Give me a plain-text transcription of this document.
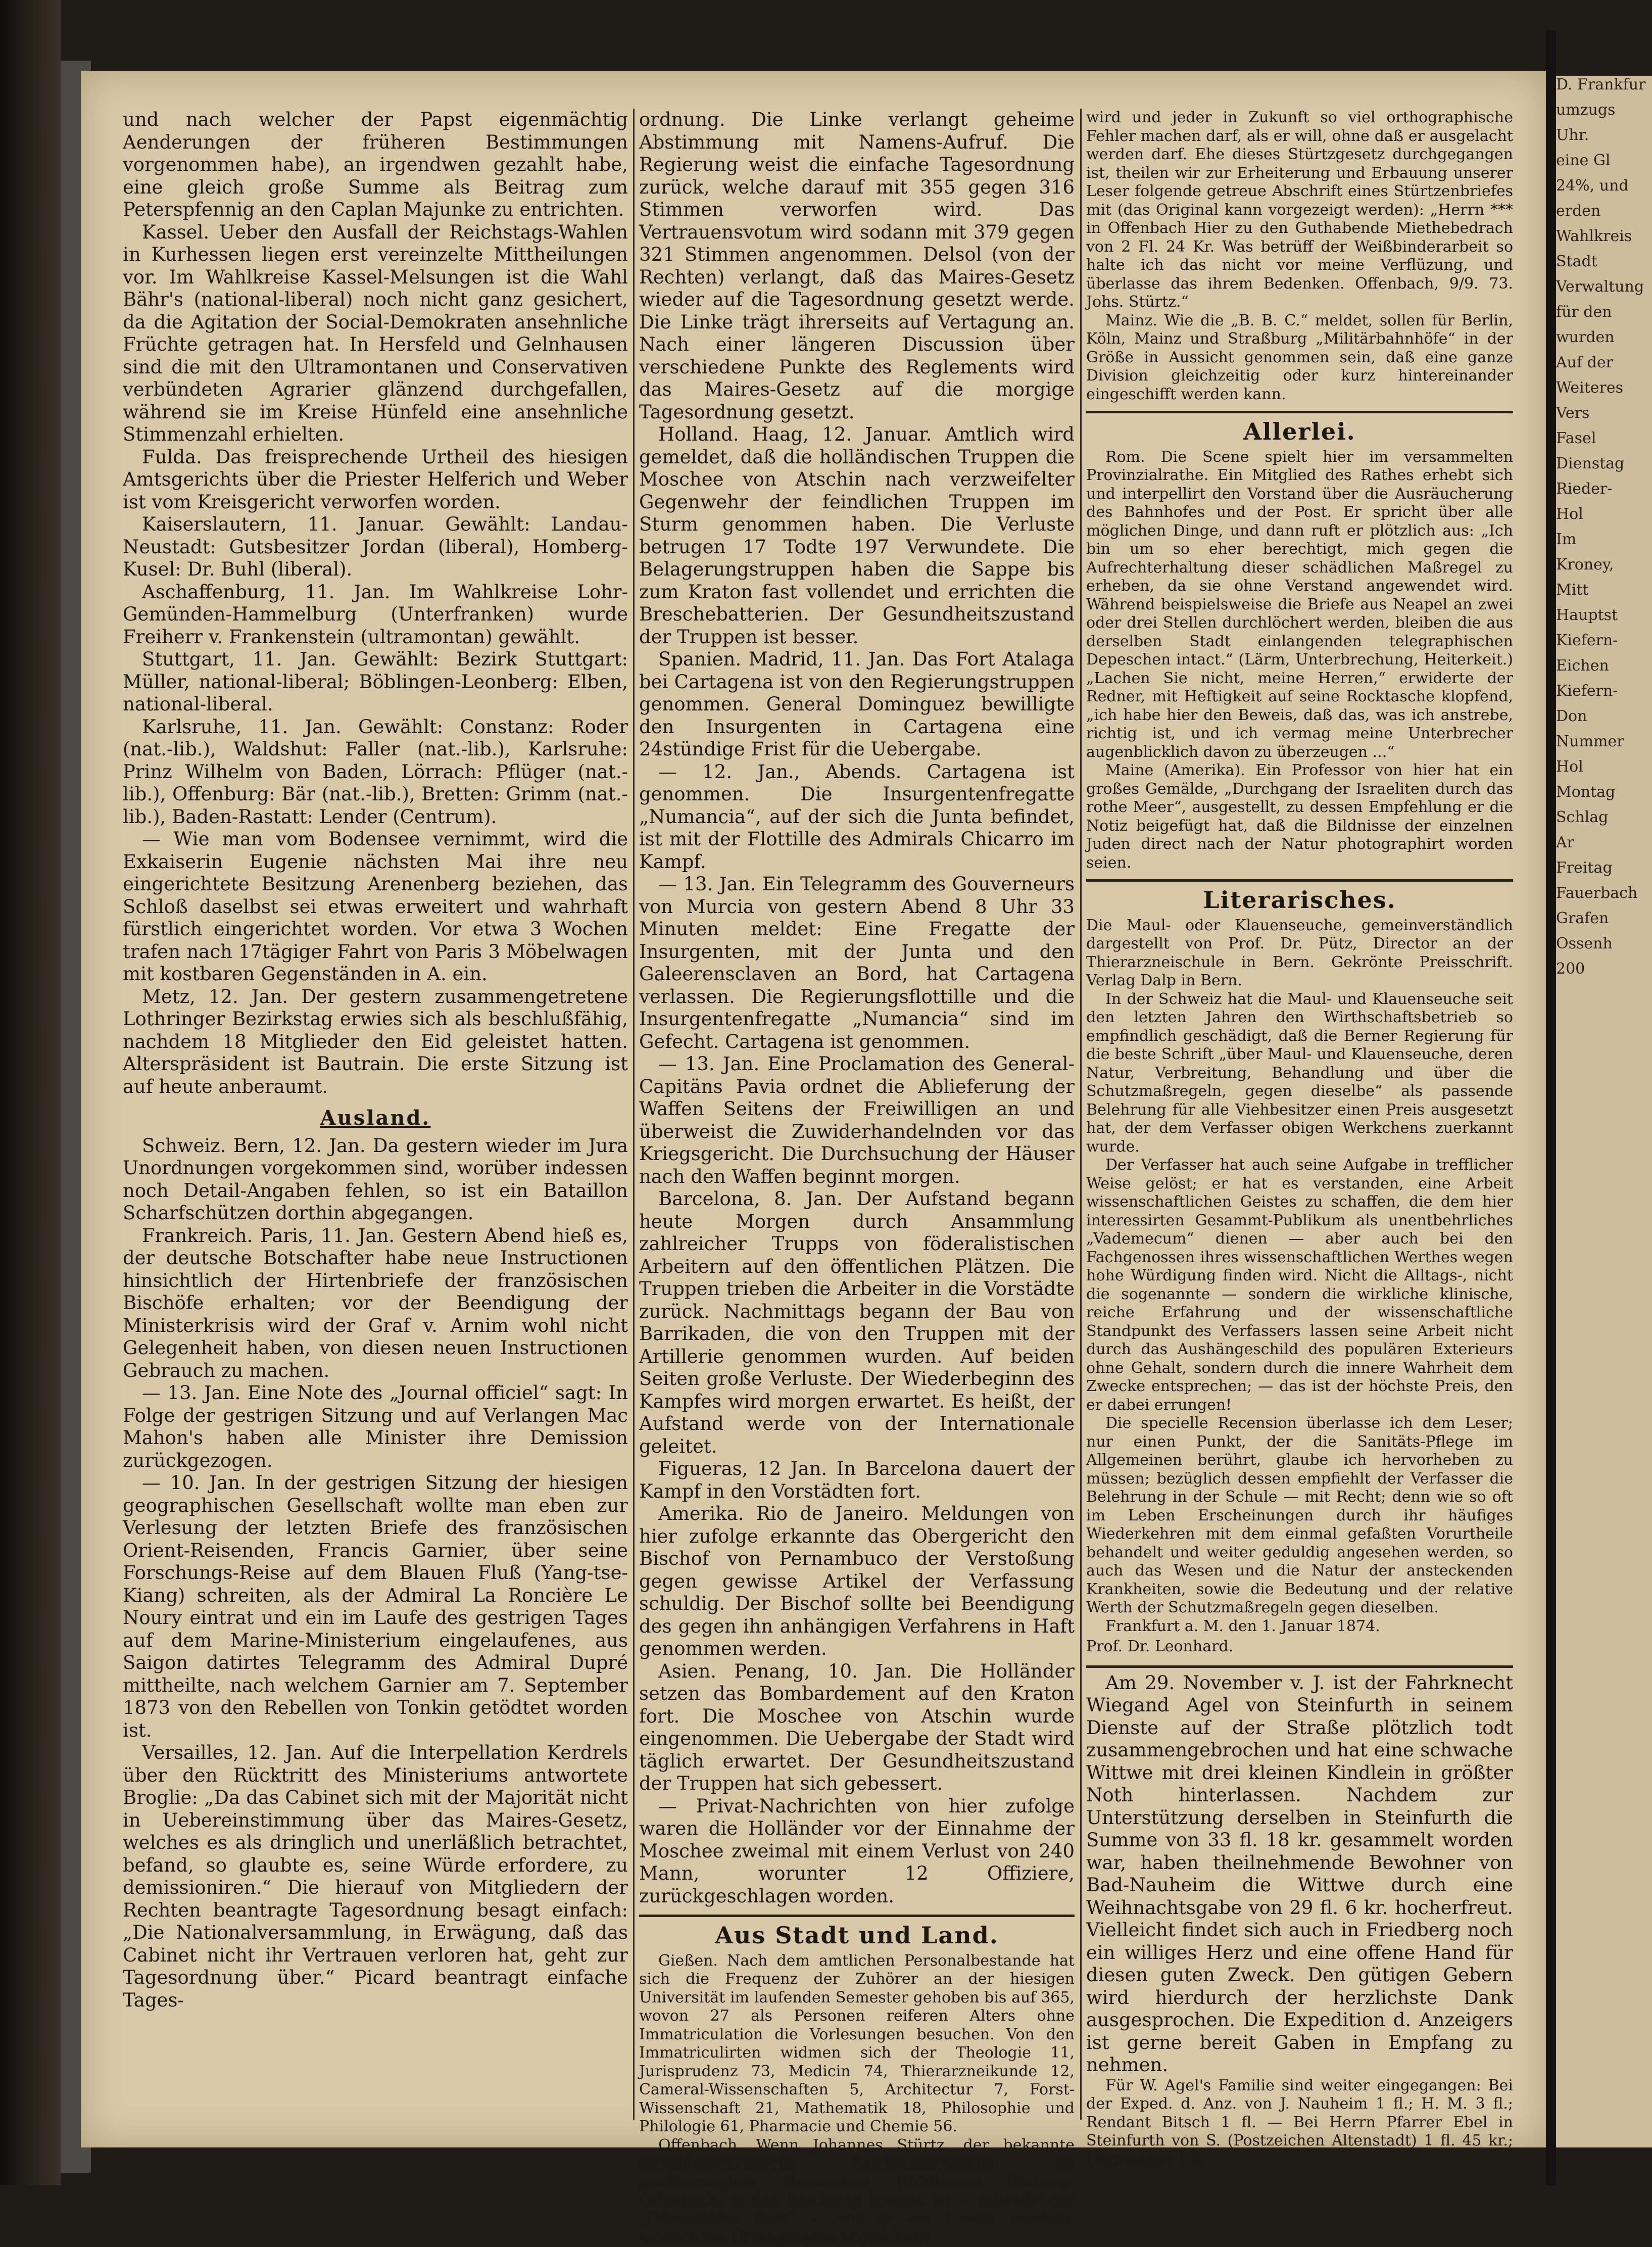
und nach welcher der Papst eigenmächtig Aenderungen der früheren Bestimmungen vorgenommen habe), an irgendwen gezahlt habe, eine gleich große Summe als Beitrag zum Peterspfennig an den Caplan Majunke zu entrichten.

Kassel. Ueber den Ausfall der Reichstags-Wahlen in Kurhessen liegen erst vereinzelte Mittheilungen vor. Im Wahlkreise Kassel-Melsungen ist die Wahl Bähr's (national-liberal) noch nicht ganz gesichert, da die Agitation der Social-Demokraten ansehnliche Früchte getragen hat. In Hersfeld und Gelnhausen sind die mit den Ultramontanen und Conservativen verbündeten Agrarier glänzend durchgefallen, während sie im Kreise Hünfeld eine ansehnliche Stimmenzahl erhielten.

Fulda. Das freisprechende Urtheil des hiesigen Amtsgerichts über die Priester Helferich und Weber ist vom Kreisgericht verworfen worden.

Kaiserslautern, 11. Januar. Gewählt: Landau-Neustadt: Gutsbesitzer Jordan (liberal), Homberg-Kusel: Dr. Buhl (liberal).

Aschaffenburg, 11. Jan. Im Wahlkreise Lohr-Gemünden-Hammelburg (Unterfranken) wurde Freiherr v. Frankenstein (ultramontan) gewählt.

Stuttgart, 11. Jan. Gewählt: Bezirk Stuttgart: Müller, national-liberal; Böblingen-Leonberg: Elben, national-liberal.

Karlsruhe, 11. Jan. Gewählt: Constanz: Roder (nat.-lib.), Waldshut: Faller (nat.-lib.), Karlsruhe: Prinz Wilhelm von Baden, Lörrach: Pflüger (nat.-lib.), Offenburg: Bär (nat.-lib.), Bretten: Grimm (nat.-lib.), Baden-Rastatt: Lender (Centrum).

— Wie man vom Bodensee vernimmt, wird die Exkaiserin Eugenie nächsten Mai ihre neu eingerichtete Besitzung Arenenberg beziehen, das Schloß daselbst sei etwas erweitert und wahrhaft fürstlich eingerichtet worden. Vor etwa 3 Wochen trafen nach 17tägiger Fahrt von Paris 3 Möbelwagen mit kostbaren Gegenständen in A. ein.

Metz, 12. Jan. Der gestern zusammengetretene Lothringer Bezirkstag erwies sich als beschlußfähig, nachdem 18 Mitglieder den Eid geleistet hatten. Alterspräsident ist Bautrain. Die erste Sitzung ist auf heute anberaumt.

Ausland.

Schweiz. Bern, 12. Jan. Da gestern wieder im Jura Unordnungen vorgekommen sind, worüber indessen noch Detail-Angaben fehlen, so ist ein Bataillon Scharfschützen dorthin abgegangen.

Frankreich. Paris, 11. Jan. Gestern Abend hieß es, der deutsche Botschafter habe neue Instructionen hinsichtlich der Hirtenbriefe der französischen Bischöfe erhalten; vor der Beendigung der Ministerkrisis wird der Graf v. Arnim wohl nicht Gelegenheit haben, von diesen neuen Instructionen Gebrauch zu machen.

— 13. Jan. Eine Note des „Journal officiel“ sagt: In Folge der gestrigen Sitzung und auf Verlangen Mac Mahon's haben alle Minister ihre Demission zurückgezogen.

— 10. Jan. In der gestrigen Sitzung der hiesigen geographischen Gesellschaft wollte man eben zur Verlesung der letzten Briefe des französischen Orient-Reisenden, Francis Garnier, über seine Forschungs-Reise auf dem Blauen Fluß (Yang-tse-Kiang) schreiten, als der Admiral La Roncière Le Noury eintrat und ein im Laufe des gestrigen Tages auf dem Marine-Ministerium eingelaufenes, aus Saigon datirtes Telegramm des Admiral Dupré mittheilte, nach welchem Garnier am 7. September 1873 von den Rebellen von Tonkin getödtet worden ist.

Versailles, 12. Jan. Auf die Interpellation Kerdrels über den Rücktritt des Ministeriums antwortete Broglie: „Da das Cabinet sich mit der Majorität nicht in Uebereinstimmung über das Maires-Gesetz, welches es als dringlich und unerläßlich betrachtet, befand, so glaubte es, seine Würde erfordere, zu demissioniren.“ Die hierauf von Mitgliedern der Rechten beantragte Tagesordnung besagt einfach: „Die Nationalversammlung, in Erwägung, daß das Cabinet nicht ihr Vertrauen verloren hat, geht zur Tagesordnung über.“ Picard beantragt einfache Tages-

ordnung. Die Linke verlangt geheime Abstimmung mit Namens-Aufruf. Die Regierung weist die einfache Tagesordnung zurück, welche darauf mit 355 gegen 316 Stimmen verworfen wird. Das Vertrauensvotum wird sodann mit 379 gegen 321 Stimmen angenommen. Delsol (von der Rechten) verlangt, daß das Maires-Gesetz wieder auf die Tagesordnung gesetzt werde. Die Linke trägt ihrerseits auf Vertagung an. Nach einer längeren Discussion über verschiedene Punkte des Reglements wird das Maires-Gesetz auf die morgige Tagesordnung gesetzt.

Holland. Haag, 12. Januar. Amtlich wird gemeldet, daß die holländischen Truppen die Moschee von Atschin nach verzweifelter Gegenwehr der feindlichen Truppen im Sturm genommen haben. Die Verluste betrugen 17 Todte 197 Verwundete. Die Belagerungstruppen haben die Sappe bis zum Kraton fast vollendet und errichten die Breschebatterien. Der Gesundheitszustand der Truppen ist besser.

Spanien. Madrid, 11. Jan. Das Fort Atalaga bei Cartagena ist von den Regierungstruppen genommen. General Dominguez bewilligte den Insurgenten in Cartagena eine 24stündige Frist für die Uebergabe.

— 12. Jan., Abends. Cartagena ist genommen. Die Insurgentenfregatte „Numancia“, auf der sich die Junta befindet, ist mit der Flottille des Admirals Chicarro im Kampf.

— 13. Jan. Ein Telegramm des Gouverneurs von Murcia von gestern Abend 8 Uhr 33 Minuten meldet: Eine Fregatte der Insurgenten, mit der Junta und den Galeerensclaven an Bord, hat Cartagena verlassen. Die Regierungsflottille und die Insurgentenfregatte „Numancia“ sind im Gefecht. Cartagena ist genommen.

— 13. Jan. Eine Proclamation des General-Capitäns Pavia ordnet die Ablieferung der Waffen Seitens der Freiwilligen an und überweist die Zuwiderhandelnden vor das Kriegsgericht. Die Durchsuchung der Häuser nach den Waffen beginnt morgen.

Barcelona, 8. Jan. Der Aufstand begann heute Morgen durch Ansammlung zahlreicher Trupps von föderalistischen Arbeitern auf den öffentlichen Plätzen. Die Truppen trieben die Arbeiter in die Vorstädte zurück. Nachmittags begann der Bau von Barrikaden, die von den Truppen mit der Artillerie genommen wurden. Auf beiden Seiten große Verluste. Der Wiederbeginn des Kampfes wird morgen erwartet. Es heißt, der Aufstand werde von der Internationale geleitet.

Figueras, 12 Jan. In Barcelona dauert der Kampf in den Vorstädten fort.

Amerika. Rio de Janeiro. Meldungen von hier zufolge erkannte das Obergericht den Bischof von Pernambuco der Verstoßung gegen gewisse Artikel der Verfassung schuldig. Der Bischof sollte bei Beendigung des gegen ihn anhängigen Verfahrens in Haft genommen werden.

Asien. Penang, 10. Jan. Die Holländer setzen das Bombardement auf den Kraton fort. Die Moschee von Atschin wurde eingenommen. Die Uebergabe der Stadt wird täglich erwartet. Der Gesundheitszustand der Truppen hat sich gebessert.

— Privat-Nachrichten von hier zufolge waren die Holländer vor der Einnahme der Moschee zweimal mit einem Verlust von 240 Mann, worunter 12 Offiziere, zurückgeschlagen worden.

Aus Stadt und Land.

Gießen. Nach dem amtlichen Personalbestande hat sich die Frequenz der Zuhörer an der hiesigen Universität im laufenden Semester gehoben bis auf 365, wovon 27 als Personen reiferen Alters ohne Immatriculation die Vorlesungen besuchen. Von den Immatriculirten widmen sich der Theologie 11, Jurisprudenz 73, Medicin 74, Thierarzneikunde 12, Cameral-Wissenschaften 5, Architectur 7, Forst-Wissenschaft 21, Mathematik 18, Philosophie und Philologie 61, Pharmacie und Chemie 56.

Offenbach. Wenn Johannes Stürtz, der bekannte socialdemokratische Reichstagscandidat im großherzoglich Hessischen Wahlkreise Dieburg-Offenbach, in den Reichstag kommt, so — schreibt der „Odenwälder Bote“ — will er ein Gesetz machen, wonach die Orthographie abgeschafft

wird und jeder in Zukunft so viel orthographische Fehler machen darf, als er will, ohne daß er ausgelacht werden darf. Ehe dieses Stürtzgesetz durchgegangen ist, theilen wir zur Erheiterung und Erbauung unserer Leser folgende getreue Abschrift eines Stürtzenbriefes mit (das Original kann vorgezeigt werden): „Herrn *** in Offenbach Hier zu den Guthabende Miethebedrach von 2 Fl. 24 Kr. Was betrüff der Weißbinderarbeit so halte ich das nicht vor meine Verflüzung, und überlasse das ihrem Bedenken. Offenbach, 9/9. 73. Johs. Stürtz.“

Mainz. Wie die „B. B. C.“ meldet, sollen für Berlin, Köln, Mainz und Straßburg „Militärbahnhöfe“ in der Größe in Aussicht genommen sein, daß eine ganze Division gleichzeitig oder kurz hintereinander eingeschifft werden kann.

Allerlei.

Rom. Die Scene spielt hier im versammelten Provinzialrathe. Ein Mitglied des Rathes erhebt sich und interpellirt den Vorstand über die Ausräucherung des Bahnhofes und der Post. Er spricht über alle möglichen Dinge, und dann ruft er plötzlich aus: „Ich bin um so eher berechtigt, mich gegen die Aufrechterhaltung dieser schädlichen Maßregel zu erheben, da sie ohne Verstand angewendet wird. Während beispielsweise die Briefe aus Neapel an zwei oder drei Stellen durchlöchert werden, bleiben die aus derselben Stadt einlangenden telegraphischen Depeschen intact.“ (Lärm, Unterbrechung, Heiterkeit.) „Lachen Sie nicht, meine Herren,“ erwiderte der Redner, mit Heftigkeit auf seine Rocktasche klopfend, „ich habe hier den Beweis, daß das, was ich anstrebe, richtig ist, und ich vermag meine Unterbrecher augenblicklich davon zu überzeugen ...“

Maine (Amerika). Ein Professor von hier hat ein großes Gemälde, „Durchgang der Israeliten durch das rothe Meer“, ausgestellt, zu dessen Empfehlung er die Notiz beigefügt hat, daß die Bildnisse der einzelnen Juden direct nach der Natur photographirt worden seien.

Literarisches.

Die Maul- oder Klauenseuche, gemeinverständlich dargestellt von Prof. Dr. Pütz, Director an der Thierarzneischule in Bern. Gekrönte Preisschrift. Verlag Dalp in Bern.

In der Schweiz hat die Maul- und Klauenseuche seit den letzten Jahren den Wirthschaftsbetrieb so empfindlich geschädigt, daß die Berner Regierung für die beste Schrift „über Maul- und Klauenseuche, deren Natur, Verbreitung, Behandlung und über die Schutzmaßregeln, gegen dieselbe“ als passende Belehrung für alle Viehbesitzer einen Preis ausgesetzt hat, der dem Verfasser obigen Werkchens zuerkannt wurde.

Der Verfasser hat auch seine Aufgabe in trefflicher Weise gelöst; er hat es verstanden, eine Arbeit wissenschaftlichen Geistes zu schaffen, die dem hier interessirten Gesammt-Publikum als unentbehrliches „Vademecum“ dienen — aber auch bei den Fachgenossen ihres wissenschaftlichen Werthes wegen hohe Würdigung finden wird. Nicht die Alltags-, nicht die sogenannte — sondern die wirkliche klinische, reiche Erfahrung und der wissenschaftliche Standpunkt des Verfassers lassen seine Arbeit nicht durch das Aushängeschild des populären Exterieurs ohne Gehalt, sondern durch die innere Wahrheit dem Zwecke entsprechen; — das ist der höchste Preis, den er dabei errungen!

Die specielle Recension überlasse ich dem Leser; nur einen Punkt, der die Sanitäts-Pflege im Allgemeinen berührt, glaube ich hervorheben zu müssen; bezüglich dessen empfiehlt der Verfasser die Belehrung in der Schule — mit Recht; denn wie so oft im Leben Erscheinungen durch ihr häufiges Wiederkehren mit dem einmal gefaßten Vorurtheile behandelt und weiter geduldig angesehen werden, so auch das Wesen und die Natur der ansteckenden Krankheiten, sowie die Bedeutung und der relative Werth der Schutzmaßregeln gegen dieselben.

Frankfurt a. M. den 1. Januar 1874.

Prof. Dr. Leonhard.

Am 29. November v. J. ist der Fahrknecht Wiegand Agel von Steinfurth in seinem Dienste auf der Straße plötzlich todt zusammengebrochen und hat eine schwache Wittwe mit drei kleinen Kindlein in größter Noth hinterlassen. Nachdem zur Unterstützung derselben in Steinfurth die Summe von 33 fl. 18 kr. gesammelt worden war, haben theilnehmende Bewohner von Bad-Nauheim die Wittwe durch eine Weihnachtsgabe von 29 fl. 6 kr. hocherfreut. Vielleicht findet sich auch in Friedberg noch ein williges Herz und eine offene Hand für diesen guten Zweck. Den gütigen Gebern wird hierdurch der herzlichste Dank ausgesprochen. Die Expedition d. Anzeigers ist gerne bereit Gaben in Empfang zu nehmen.

Für W. Agel's Familie sind weiter eingegangen: Bei der Exped. d. Anz. von J. Nauheim 1 fl.; H. M. 3 fl.; Rendant Bitsch 1 fl. — Bei Herrn Pfarrer Ebel in Steinfurth von S. (Postzeichen Altenstadt) 1 fl. 45 kr.; Ungenannt 1 fl.

D. Frankfur

umzugs

Uhr.

eine Gl

24%, und

erden

Wahlkreis

Stadt

Verwaltung

für den

wurden

Auf der

Weiteres

Vers

Fasel

Dienstag

Rieder-

Hol

Im

Kroney,

Mitt

Hauptst

Kiefern-

Eichen

Kiefern-

Don

Nummer

Hol

Montag

Schlag

Ar

Freitag

Fauerbach

Grafen

Ossenh

200
